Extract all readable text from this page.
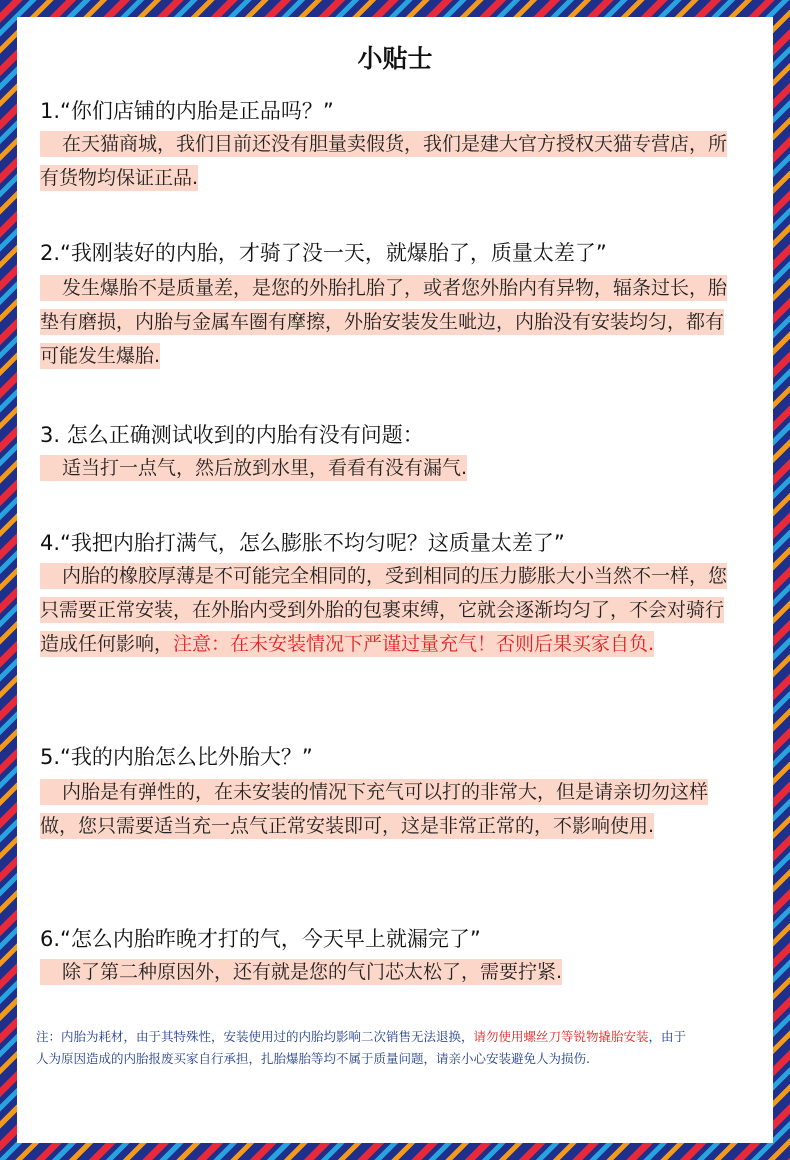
小贴士
1.“你们店铺的内胎是正品吗？”
在天猫商城，我们目前还没有胆量卖假货，我们是建大官方授权天猫专营店，所有货物均保证正品.
2.“我刚装好的内胎，才骑了没一天，就爆胎了，质量太差了”
发生爆胎不是质量差，是您的外胎扎胎了，或者您外胎内有异物，辐条过长，胎垫有磨损，内胎与金属车圈有摩擦，外胎安装发生呲边，内胎没有安装均匀，都有可能发生爆胎.
3. 怎么正确测试收到的内胎有没有问题：
适当打一点气，然后放到水里，看看有没有漏气.
4.“我把内胎打满气，怎么膨胀不均匀呢？这质量太差了”
内胎的橡胶厚薄是不可能完全相同的，受到相同的压力膨胀大小当然不一样，您只需要正常安装，在外胎内受到外胎的包裹束缚，它就会逐渐均匀了，不会对骑行造成任何影响，注意：在未安装情况下严谨过量充气！否则后果买家自负.
5.“我的内胎怎么比外胎大？”
内胎是有弹性的，在未安装的情况下充气可以打的非常大，但是请亲切勿这样做，您只需要适当充一点气正常安装即可，这是非常正常的，不影响使用.
6.“怎么内胎昨晚才打的气，今天早上就漏完了”
除了第二种原因外，还有就是您的气门芯太松了，需要拧紧.
注：内胎为耗材，由于其特殊性，安装使用过的内胎均影响二次销售无法退换，请勿使用螺丝刀等锐物撬胎安装，由于人为原因造成的内胎报废买家自行承担，扎胎爆胎等均不属于质量问题，请亲小心安装避免人为损伤.
